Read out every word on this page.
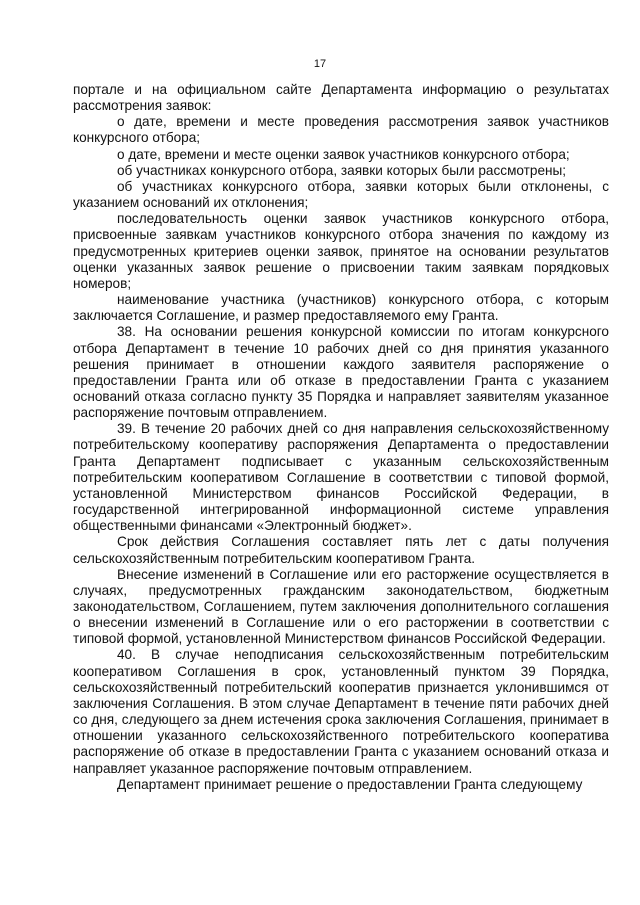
17

портале и на официальном сайте Департамента информацию о результатах рассмотрения заявок:

о дате, времени и месте проведения рассмотрения заявок участников конкурсного отбора;

о дате, времени и месте оценки заявок участников конкурсного отбора;

об участниках конкурсного отбора, заявки которых были рассмотрены;

об участниках конкурсного отбора, заявки которых были отклонены, с указанием оснований их отклонения;

последовательность оценки заявок участников конкурсного отбора, присвоенные заявкам участников конкурсного отбора значения по каждому из предусмотренных критериев оценки заявок, принятое на основании результатов оценки указанных заявок решение о присвоении таким заявкам порядковых номеров;

наименование участника (участников) конкурсного отбора, с которым заключается Соглашение, и размер предоставляемого ему Гранта.

38. На основании решения конкурсной комиссии по итогам конкурсного отбора Департамент в течение 10 рабочих дней со дня принятия указанного решения принимает в отношении каждого заявителя распоряжение о предоставлении Гранта или об отказе в предоставлении Гранта с указанием оснований отказа согласно пункту 35 Порядка и направляет заявителям указанное распоряжение почтовым отправлением.

39. В течение 20 рабочих дней со дня направления сельскохозяйственному потребительскому кооперативу распоряжения Департамента о предоставлении Гранта Департамент подписывает с указанным сельскохозяйственным потребительским кооперативом Соглашение в соответствии с типовой формой, установленной Министерством финансов Российской Федерации, в государственной интегрированной информационной системе управления общественными финансами «Электронный бюджет».

Срок действия Соглашения составляет пять лет с даты получения сельскохозяйственным потребительским кооперативом Гранта.

Внесение изменений в Соглашение или его расторжение осуществляется в случаях, предусмотренных гражданским законодательством, бюджетным законодательством, Соглашением, путем заключения дополнительного соглашения о внесении изменений в Соглашение или о его расторжении в соответствии с типовой формой, установленной Министерством финансов Российской Федерации.

40. В случае неподписания сельскохозяйственным потребительским кооперативом Соглашения в срок, установленный пунктом 39 Порядка, сельскохозяйственный потребительский кооператив признается уклонившимся от заключения Соглашения. В этом случае Департамент в течение пяти рабочих дней со дня, следующего за днем истечения срока заключения Соглашения, принимает в отношении указанного сельскохозяйственного потребительского кооператива распоряжение об отказе в предоставлении Гранта с указанием оснований отказа и направляет указанное распоряжение почтовым отправлением.

Департамент принимает решение о предоставлении Гранта следующему
